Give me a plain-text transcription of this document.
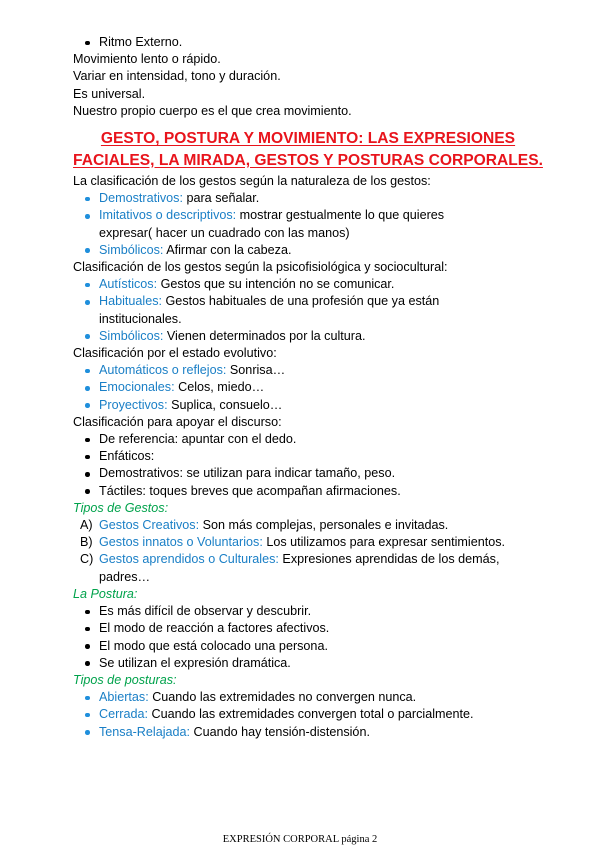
Ritmo Externo.

Movimiento lento o rápido.

Variar en intensidad, tono y duración.

Es universal.

Nuestro propio cuerpo es el que crea movimiento.

GESTO, POSTURA Y MOVIMIENTO: LAS EXPRESIONES
FACIALES, LA MIRADA, GESTOS Y POSTURAS CORPORALES.

La clasificación de los gestos según la naturaleza de los gestos:

Demostrativos: para señalar.
Imitativos o descriptivos: mostrar gestualmente lo que quieres
expresar( hacer un cuadrado con las manos)
Simbólicos: Afirmar con la cabeza.

Clasificación de los gestos según la psicofisiológica y sociocultural:

Autísticos: Gestos que su intención no se comunicar.
Habituales: Gestos habituales de una profesión que ya están
institucionales.
Simbólicos: Vienen determinados por la cultura.

Clasificación por el estado evolutivo:

Automáticos o reflejos: Sonrisa…
Emocionales: Celos, miedo…
Proyectivos: Suplica, consuelo…

Clasificación para apoyar el discurso:

De referencia: apuntar con el dedo.
Enfáticos:
Demostrativos: se utilizan para indicar tamaño, peso.
Táctiles: toques breves que acompañan afirmaciones.

Tipos de Gestos:

A) Gestos Creativos: Son más complejas, personales e invitadas.
B) Gestos innatos o Voluntarios: Los utilizamos para expresar sentimientos.
C) Gestos aprendidos o Culturales: Expresiones aprendidas de los demás,
padres…

La Postura:

Es más difícil de observar y descubrir.
El modo de reacción a factores afectivos.
El modo que está colocado una persona.
Se utilizan el expresión dramática.

Tipos de posturas:

Abiertas: Cuando las extremidades no convergen nunca.
Cerrada: Cuando las extremidades convergen total o parcialmente.
Tensa-Relajada: Cuando hay tensión-distensión.
EXPRESIÓN CORPORAL página 2
